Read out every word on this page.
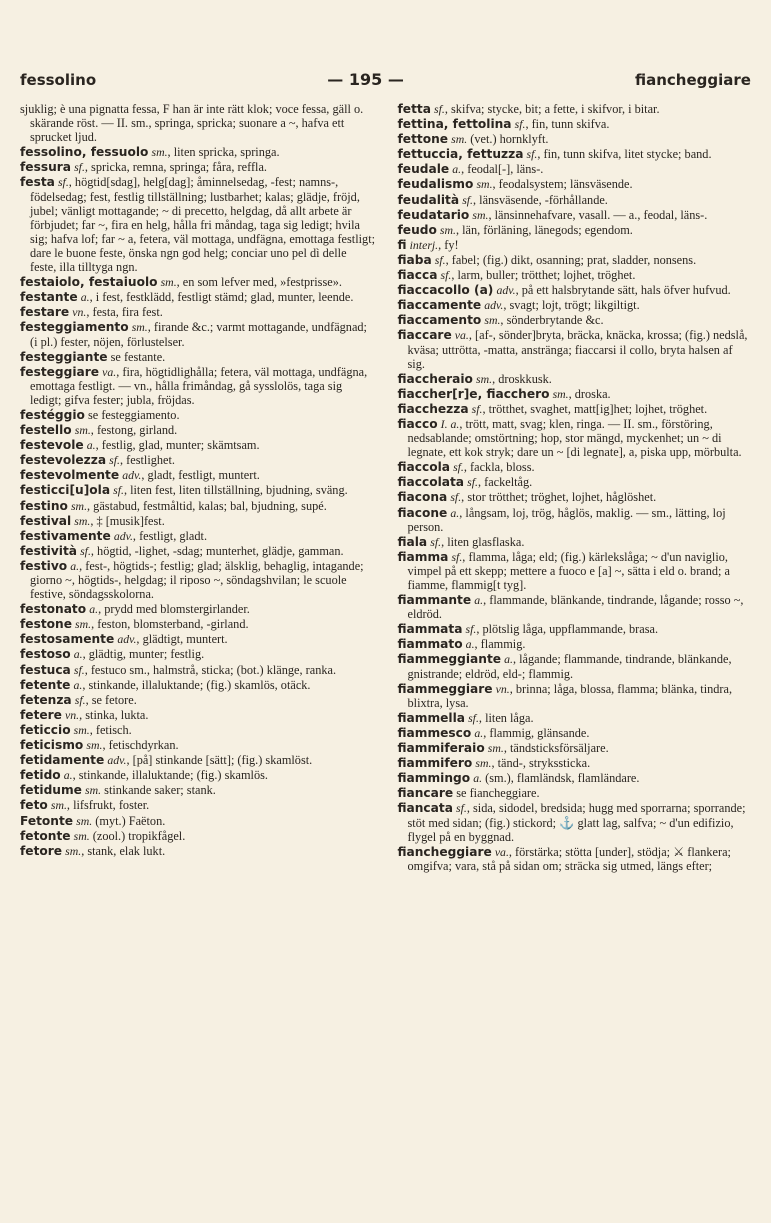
fessolino	— 195 —	fiancheggiare

sjuklig; è una pignatta fessa, F han är inte rätt klok; voce fessa, gäll o. skärande röst. — II. sm., springa, spricka; suonare a ~, hafva ett sprucket ljud.

fessolino, fessuolo sm., liten spricka, springa.

fessura sf., spricka, remna, springa; fåra, reffla.

festa sf., högtid[sdag], helg[dag]; åminnelsedag, -fest; namns-, födelsedag; fest, festlig tillställning; lustbarhet; kalas; glädje, fröjd, jubel; vänligt mottagande; ~ di precetto, helgdag, då allt arbete är förbjudet; far ~, fira en helg, hålla fri måndag, taga sig ledigt; hvila sig; hafva lof; far ~ a, fetera, väl mottaga, undfägna, emottaga festligt; dare le buone feste, önska ngn god helg; conciar uno pel dì delle feste, illa tilltyga ngn.

festaiolo, festaiuolo sm., en som lefver med, »festprisse».

festante a., i fest, festklädd, festligt stämd; glad, munter, leende.

festare vn., festa, fira fest.

festeggiamento sm., firande &c.; varmt mottagande, undfägnad; (i pl.) fester, nöjen, förlustelser.

festeggiante se festante.

festeggiare va., fira, högtidlighålla; fetera, väl mottaga, undfägna, emottaga festligt. — vn., hålla frimåndag, gå sysslolös, taga sig ledigt; gifva fester; jubla, fröjdas.

festéggio se festeggiamento.

festello sm., festong, girland.

festevole a., festlig, glad, munter; skämtsam.

festevolezza sf., festlighet.

festevolmente adv., gladt, festligt, muntert.

festicci[u]ola sf., liten fest, liten tillställning, bjudning, sväng.

festino sm., gästabud, festmåltid, kalas; bal, bjudning, supé.

festival sm., ‡ [musik]fest.

festivamente adv., festligt, gladt.

festività sf., högtid, -lighet, -sdag; munterhet, glädje, gamman.

festivo a., fest-, högtids-; festlig; glad; älsklig, behaglig, intagande; giorno ~, högtids-, helgdag; il riposo ~, söndagshvilan; le scuole festive, söndagsskolorna.

festonato a., prydd med blomstergirlander.

festone sm., feston, blomsterband, -girland.

festosamente adv., glädtigt, muntert.

festoso a., glädtig, munter; festlig.

festuca sf., festuco sm., halmstrå, sticka; (bot.) klänge, ranka.

fetente a., stinkande, illaluktande; (fig.) skamlös, otäck.

fetenza sf., se fetore.

fetere vn., stinka, lukta.

feticcio sm., fetisch.

feticismo sm., fetischdyrkan.

fetidamente adv., [på] stinkande [sätt]; (fig.) skamlöst.

fetido a., stinkande, illaluktande; (fig.) skamlös.

fetidume sm. stinkande saker; stank.

feto sm., lifsfrukt, foster.

Fetonte sm. (myt.) Faëton.

fetonte sm. (zool.) tropikfågel.

fetore sm., stank, elak lukt.

fetta sf., skifva; stycke, bit; a fette, i skifvor, i bitar.

fettina, fettolina sf., fin, tunn skifva.

fettone sm. (vet.) hornklyft.

fettuccia, fettuzza sf., fin, tunn skifva, litet stycke; band.

feudale a., feodal[-], läns-.

feudalismo sm., feodalsystem; länsväsende.

feudalità sf., länsväsende, -förhållande.

feudatario sm., länsinnehafvare, vasall. — a., feodal, läns-.

feudo sm., län, förläning, länegods; egendom.

fi interj., fy!

fiaba sf., fabel; (fig.) dikt, osanning; prat, sladder, nonsens.

fiacca sf., larm, buller; trötthet; lojhet, tröghet.

fiaccacollo (a) adv., på ett halsbrytande sätt, hals öfver hufvud.

fiaccamente adv., svagt; lojt, trögt; likgiltigt.

fiaccamento sm., sönderbrytande &c.

fiaccare va., [af-, sönder]bryta, bräcka, knäcka, krossa; (fig.) nedslå, kväsa; uttrötta, -matta, anstränga; fiaccarsi il collo, bryta halsen af sig.

fiaccheraio sm., droskkusk.

fiaccher[r]e, fiacchero sm., droska.

fiacchezza sf., trötthet, svaghet, matt[ig]het; lojhet, tröghet.

fiacco I. a., trött, matt, svag; klen, ringa. — II. sm., förstöring, nedsablande; omstörtning; hop, stor mängd, myckenhet; un ~ di legnate, ett kok stryk; dare un ~ [di legnate], a, piska upp, mörbulta.

fiaccola sf., fackla, bloss.

fiaccolata sf., fackeltåg.

fiacona sf., stor trötthet; tröghet, lojhet, håglöshet.

fiacone a., långsam, loj, trög, håglös, maklig. — sm., lätting, loj person.

fiala sf., liten glasflaska.

fiamma sf., flamma, låga; eld; (fig.) kärlekslåga; ~ d'un naviglio, vimpel på ett skepp; mettere a fuoco e [a] ~, sätta i eld o. brand; a fiamme, flammig[t tyg].

fiammante a., flammande, blänkande, tindrande, lågande; rosso ~, eldröd.

fiammata sf., plötslig låga, uppflammande, brasa.

fiammato a., flammig.

fiammeggiante a., lågande; flammande, tindrande, blänkande, gnistrande; eldröd, eld-; flammig.

fiammeggiare vn., brinna; låga, blossa, flamma; blänka, tindra, blixtra, lysa.

fiammella sf., liten låga.

fiammesco a., flammig, glänsande.

fiammiferaio sm., tändsticksförsäljare.

fiammifero sm., tänd-, strykssticka.

fiammingo a. (sm.), flamländsk, flamländare.

fiancare se fiancheggiare.

fiancata sf., sida, sidodel, bredsida; hugg med sporrarna; sporrande; stöt med sidan; (fig.) stickord; ⚓ glatt lag, salfva; ~ d'un edifizio, flygel på en byggnad.

fiancheggiare va., förstärka; stötta [under], stödja; ⚔ flankera; omgifva; vara, stå på sidan om; sträcka sig utmed, längs efter;
